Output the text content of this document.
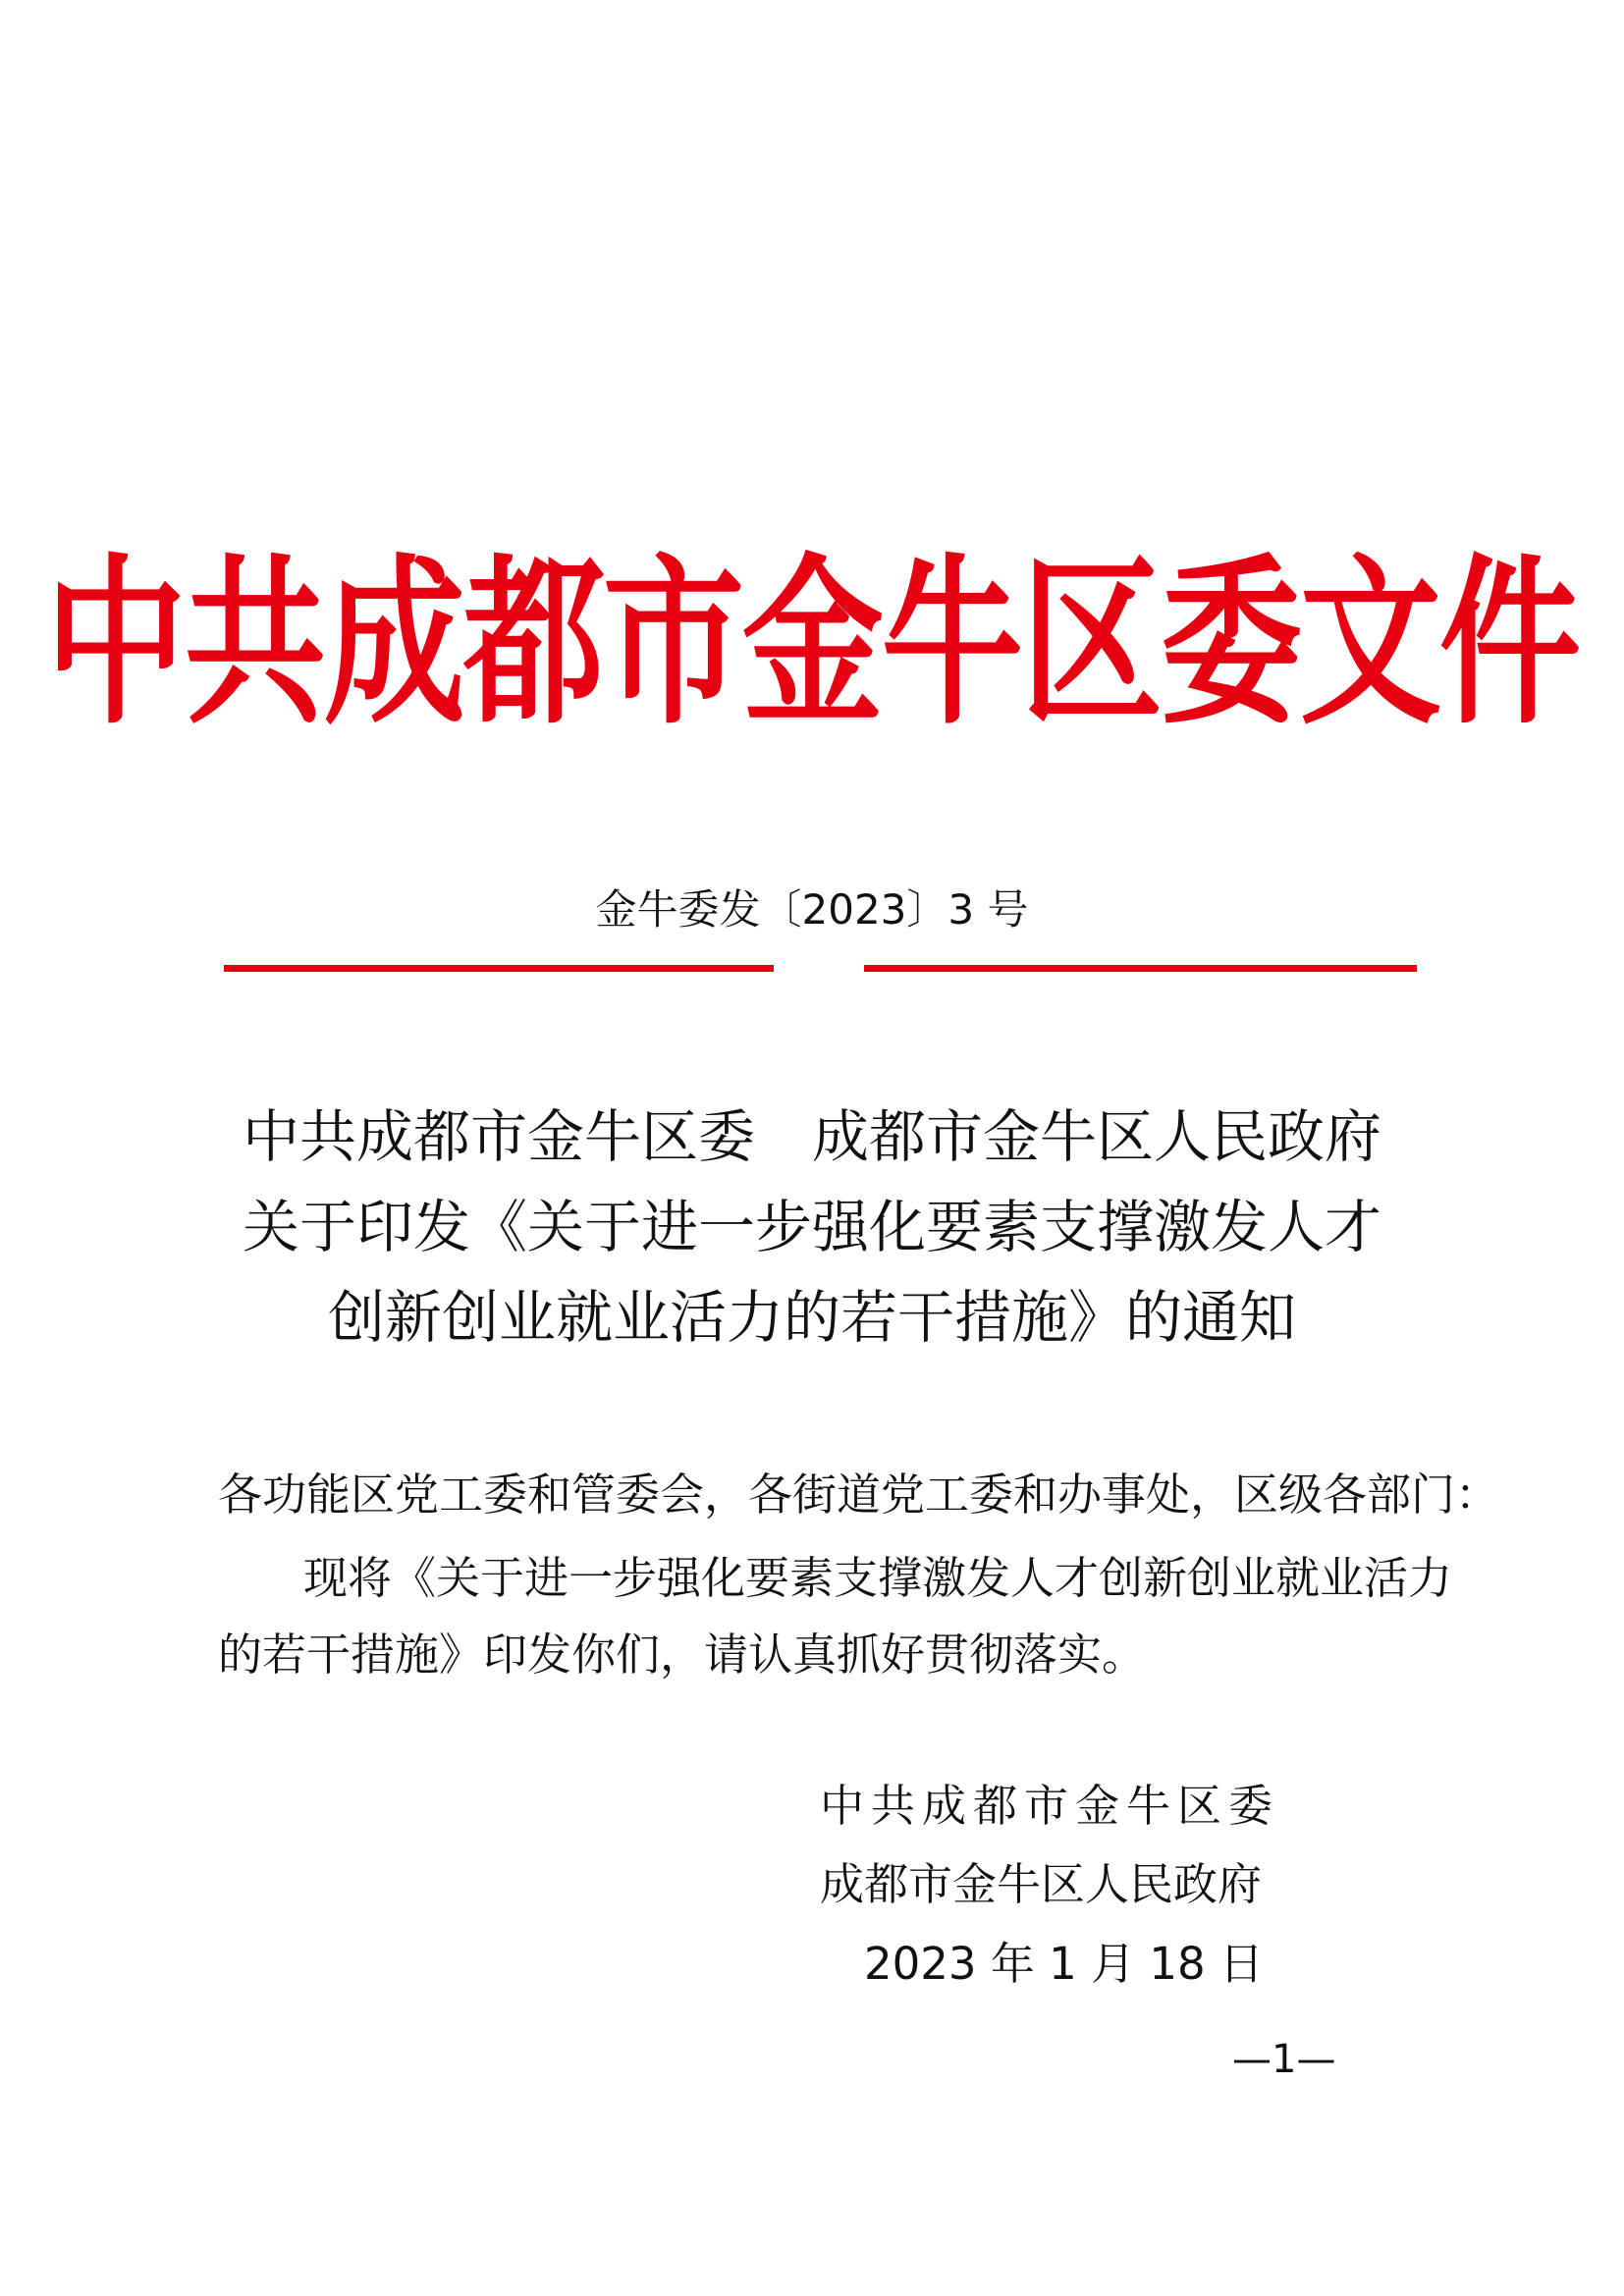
中共成都市金牛区委文件
金牛委发〔2023〕3 号
中共成都市金牛区委　成都市金牛区人民政府
关于印发《关于进一步强化要素支撑激发人才
创新创业就业活力的若干措施》的通知
各功能区党工委和管委会，各街道党工委和办事处，区级各部门：
现将《关于进一步强化要素支撑激发人才创新创业就业活力
的若干措施》印发你们，请认真抓好贯彻落实。
中共成都市金牛区委
成都市金牛区人民政府
2023 年 1 月 18 日
—1—
